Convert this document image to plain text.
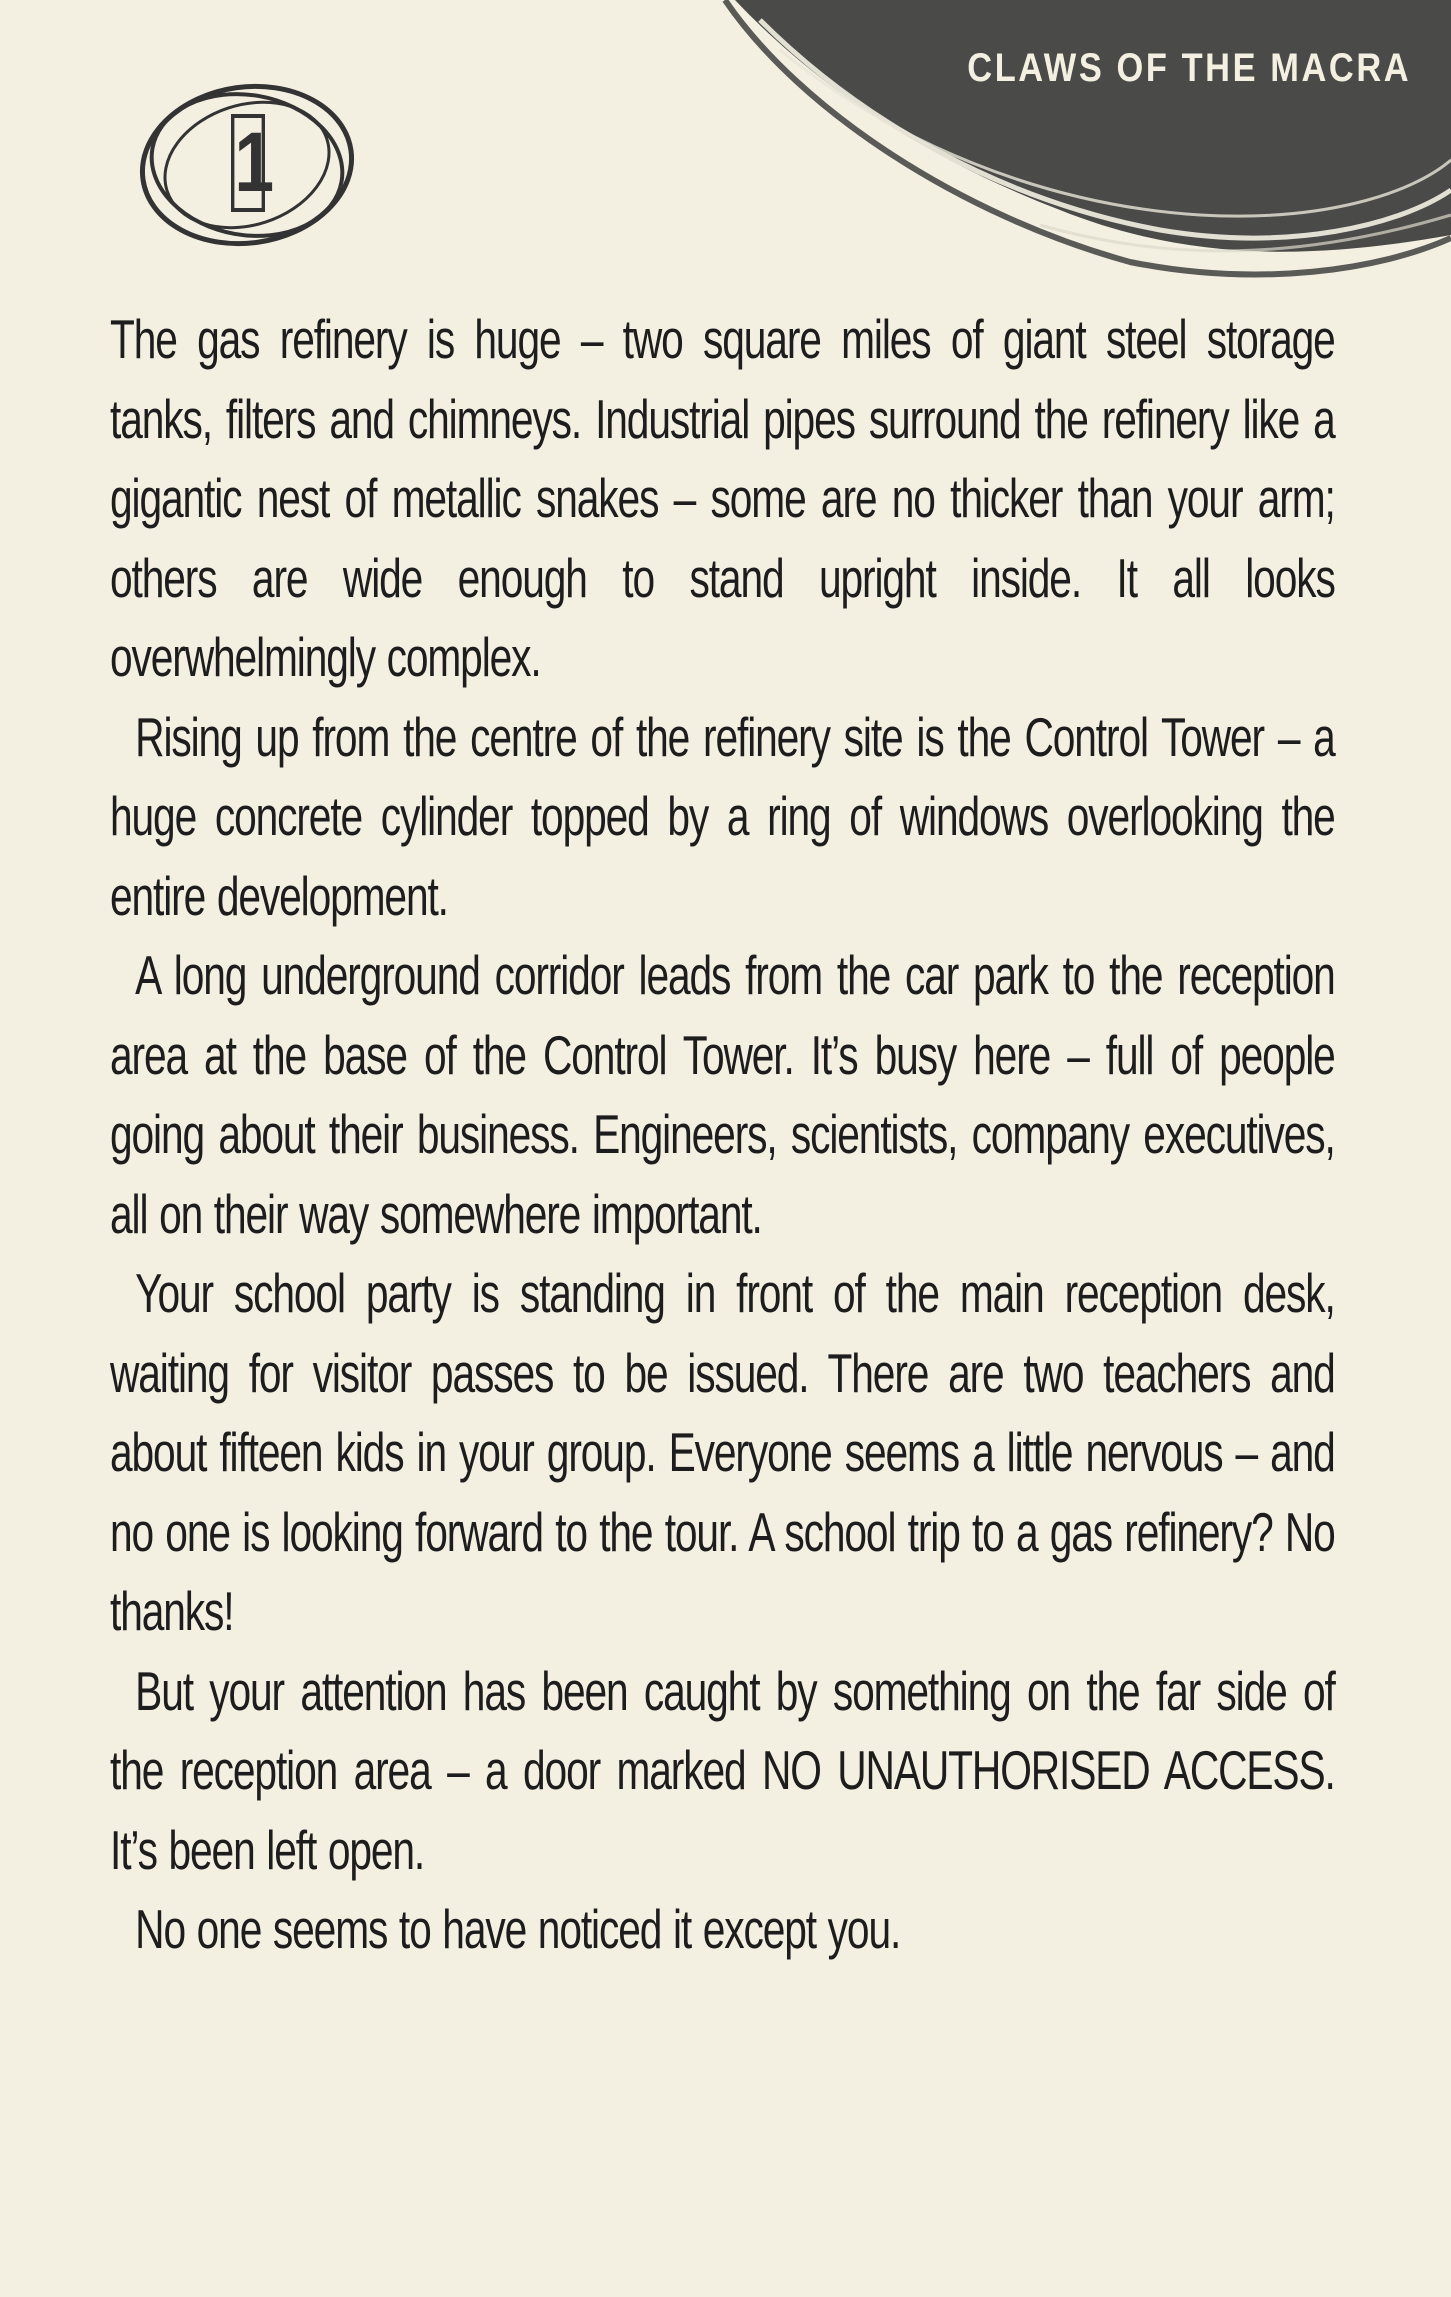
CLAWS OF THE MACRA
1

The gas refinery is huge – two square miles of giant steel storage tanks, filters and chimneys. Industrial pipes surround the refinery like a gigantic nest of metallic snakes – some are no thicker than your arm; others are wide enough to stand upright inside. It all looks overwhelmingly complex.

Rising up from the centre of the refinery site is the Control Tower – a huge concrete cylinder topped by a ring of windows overlooking the entire development.

A long underground corridor leads from the car park to the reception area at the base of the Control Tower. It’s busy here – full of people going about their business. Engineers, scientists, company executives, all on their way somewhere important.

Your school party is standing in front of the main reception desk, waiting for visitor passes to be issued. There are two teachers and about fifteen kids in your group. Everyone seems a little nervous – and no one is looking forward to the tour. A school trip to a gas refinery? No thanks!

But your attention has been caught by something on the far side of the reception area – a door marked NO UNAUTHORISED ACCESS. It’s been left open.

No one seems to have noticed it except you.
